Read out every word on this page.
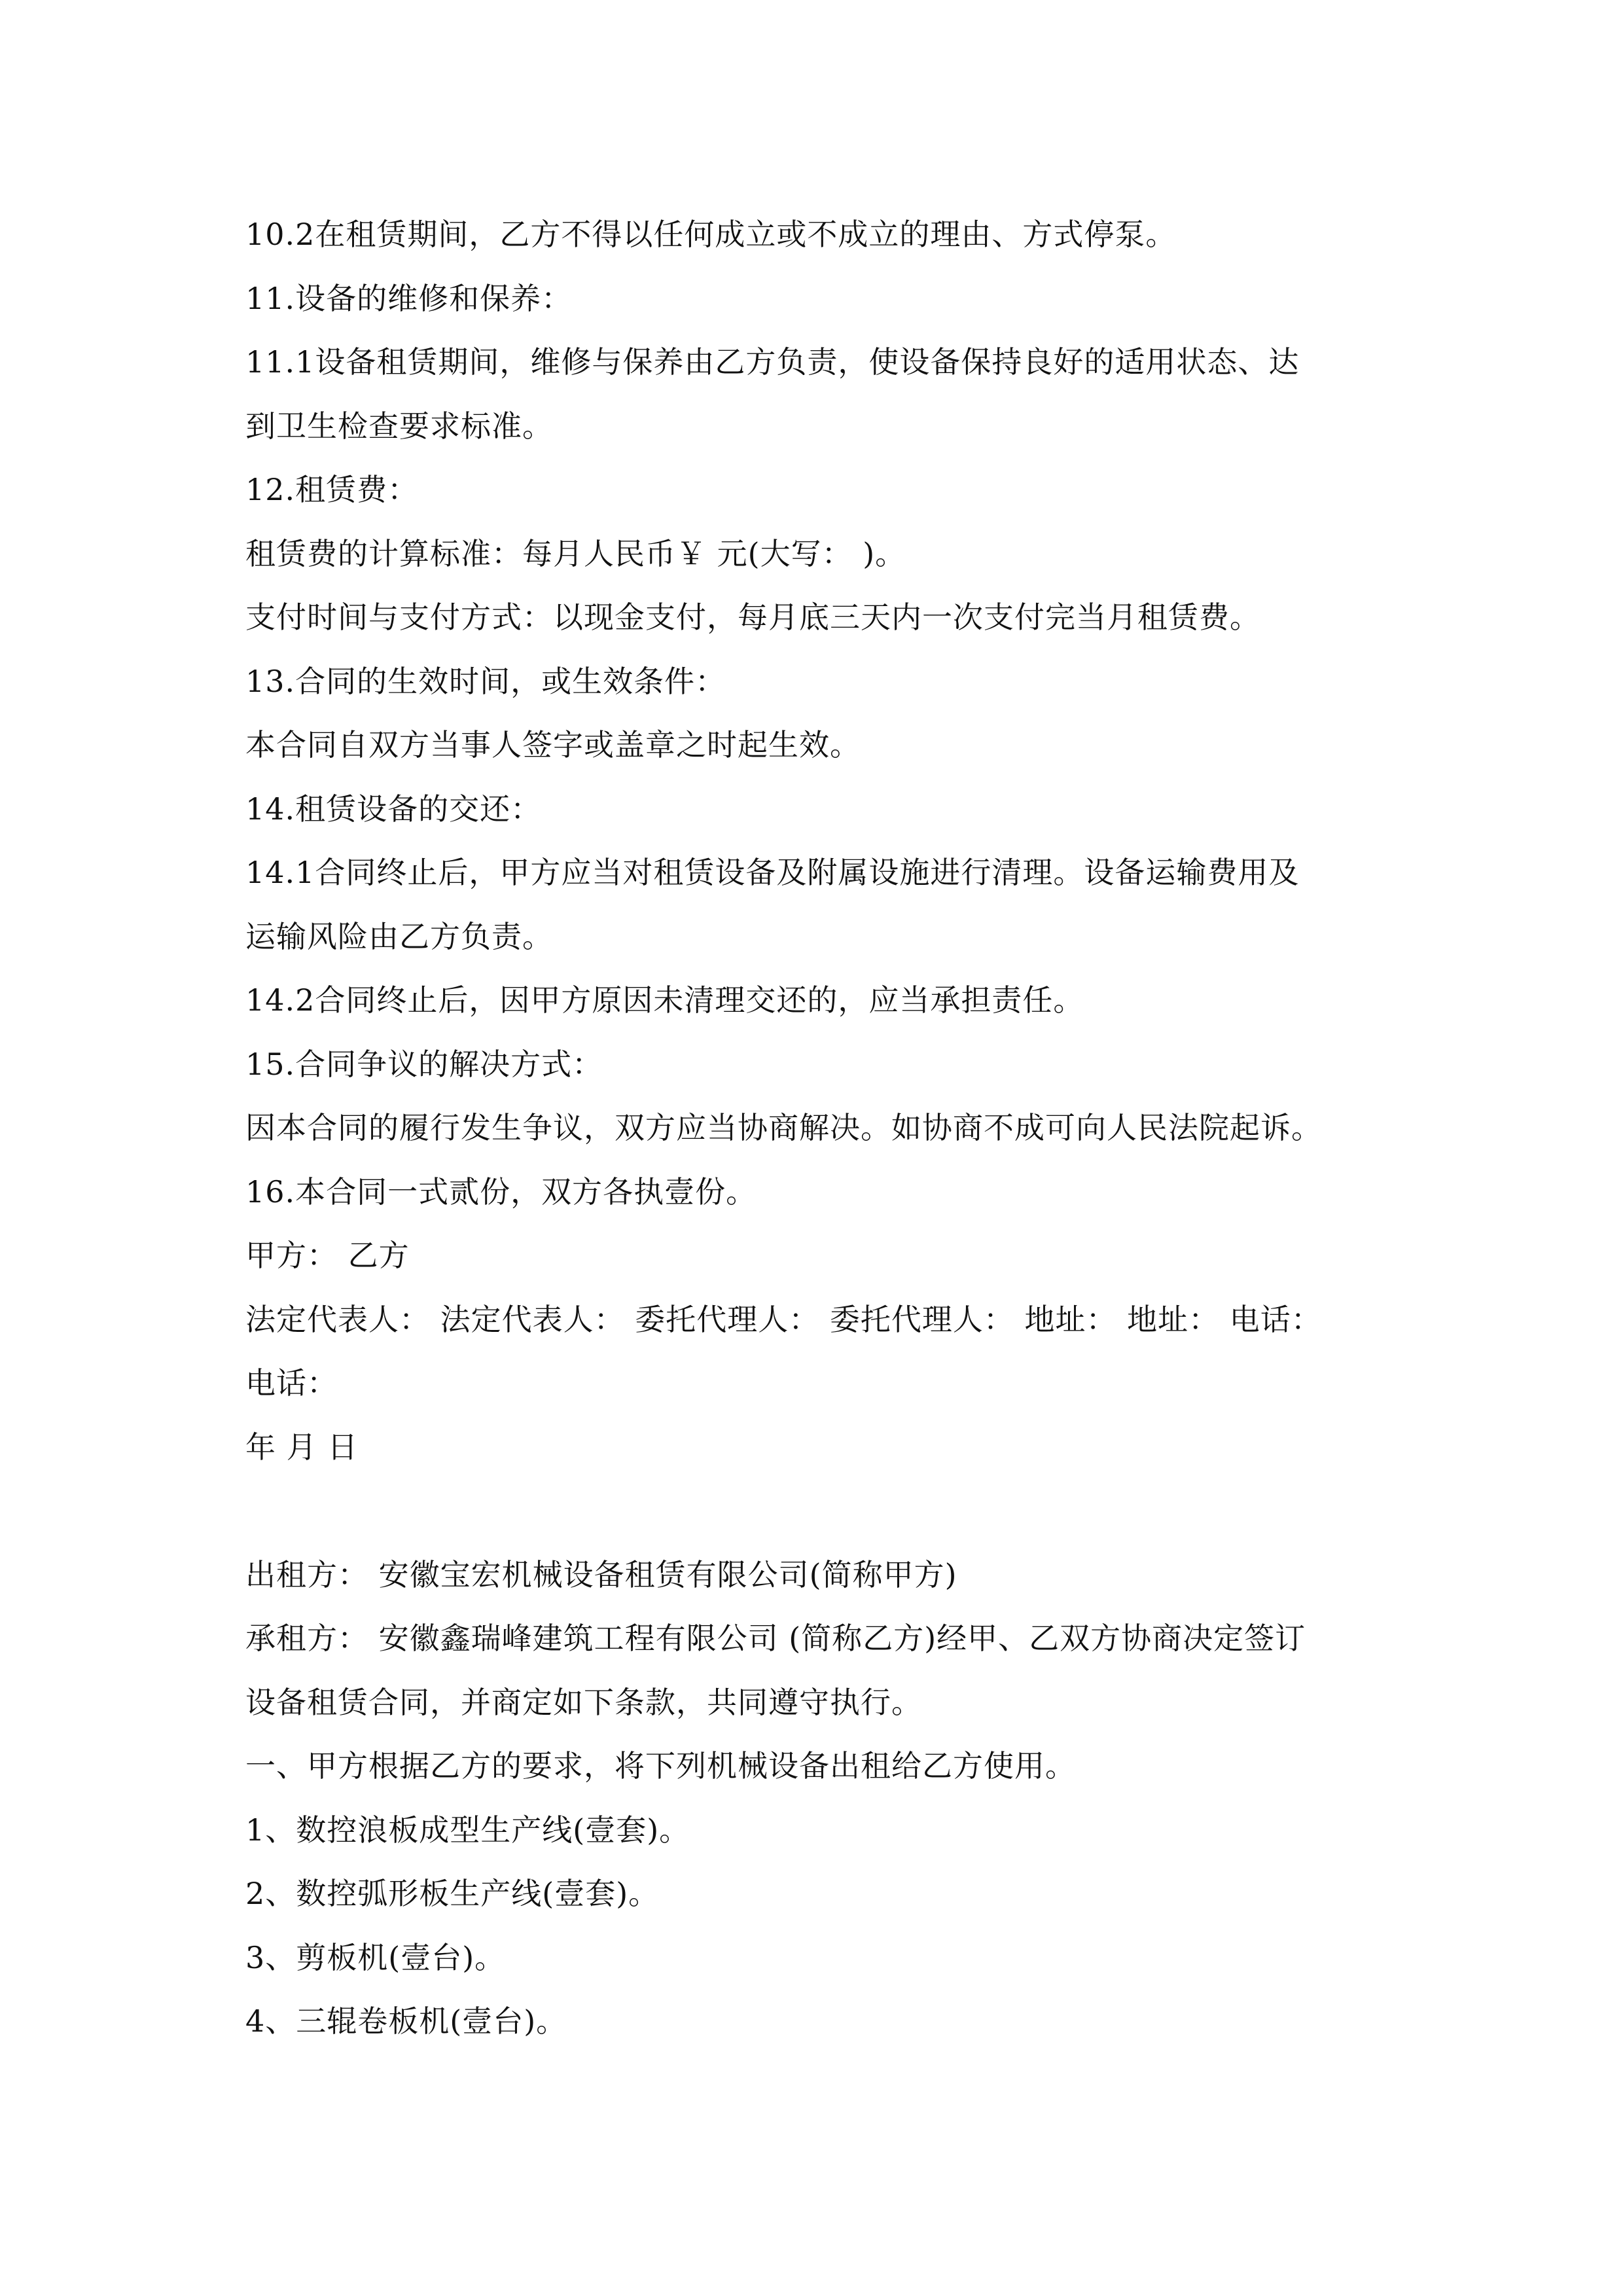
10.2在租赁期间，乙方不得以任何成立或不成立的理由、方式停泵。
11.设备的维修和保养：
11.1设备租赁期间，维修与保养由乙方负责，使设备保持良好的适用状态、达
到卫生检查要求标准。
12.租赁费：
租赁费的计算标准：每月人民币￥ 元(大写： )。
支付时间与支付方式：以现金支付，每月底三天内一次支付完当月租赁费。
13.合同的生效时间，或生效条件：
本合同自双方当事人签字或盖章之时起生效。
14.租赁设备的交还：
14.1合同终止后，甲方应当对租赁设备及附属设施进行清理。设备运输费用及
运输风险由乙方负责。
14.2合同终止后，因甲方原因未清理交还的，应当承担责任。
15.合同争议的解决方式：
因本合同的履行发生争议，双方应当协商解决。如协商不成可向人民法院起诉。
16.本合同一式贰份，双方各执壹份。
甲方： 乙方
法定代表人： 法定代表人： 委托代理人： 委托代理人： 地址： 地址： 电话：
电话：
年 月 日
出租方： 安徽宝宏机械设备租赁有限公司(简称甲方)
承租方： 安徽鑫瑞峰建筑工程有限公司 (简称乙方)经甲、乙双方协商决定签订
设备租赁合同，并商定如下条款，共同遵守执行。
一、甲方根据乙方的要求，将下列机械设备出租给乙方使用。
1、数控浪板成型生产线(壹套)。
2、数控弧形板生产线(壹套)。
3、剪板机(壹台)。
4、三辊卷板机(壹台)。
